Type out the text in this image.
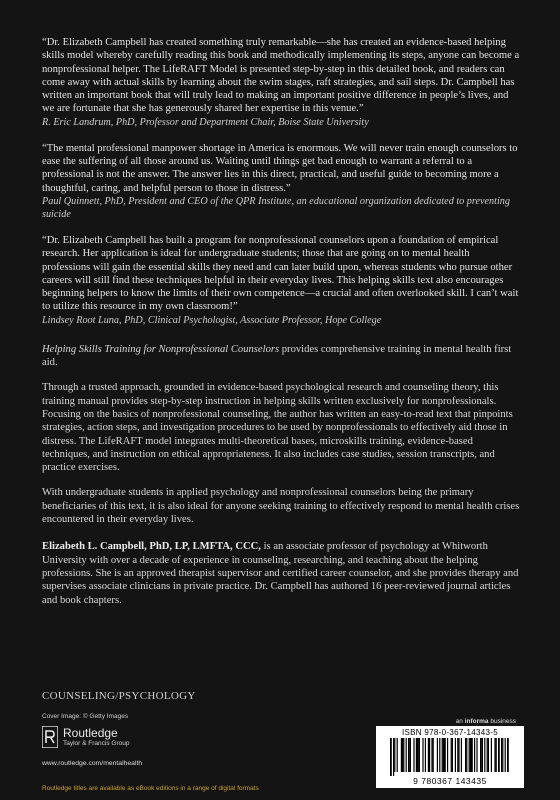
“Dr. Elizabeth Campbell has created something truly remarkable—she has created an evidence-based helping skills model whereby carefully reading this book and methodically implementing its steps, anyone can become a nonprofessional helper. The LifeRAFT Model is presented step-by-step in this detailed book, and readers can come away with actual skills by learning about the swim stages, raft strategies, and sail steps. Dr. Campbell has written an important book that will truly lead to making an important positive difference in people’s lives, and we are fortunate that she has generously shared her expertise in this venue.”

R. Eric Landrum, PhD, Professor and Department Chair, Boise State University

“The mental professional manpower shortage in America is enormous. We will never train enough counselors to ease the suffering of all those around us. Waiting until things get bad enough to warrant a referral to a professional is not the answer. The answer lies in this direct, practical, and useful guide to becoming more a thoughtful, caring, and helpful person to those in distress.”

Paul Quinnett, PhD, President and CEO of the QPR Institute, an educational organization dedicated to preventing suicide

“Dr. Elizabeth Campbell has built a program for nonprofessional counselors upon a foundation of empirical research. Her application is ideal for undergraduate students; those that are going on to mental health professions will gain the essential skills they need and can later build upon, whereas students who pursue other careers will still find these techniques helpful in their everyday lives. This helping skills text also encourages beginning helpers to know the limits of their own competence—a crucial and often overlooked skill. I can’t wait to utilize this resource in my own classroom!”

Lindsey Root Luna, PhD, Clinical Psychologist, Associate Professor, Hope College

Helping Skills Training for Nonprofessional Counselors provides comprehensive training in mental health first aid.

Through a trusted approach, grounded in evidence-based psychological research and counseling theory, this training manual provides step-by-step instruction in helping skills written exclusively for nonprofessionals. Focusing on the basics of nonprofessional counseling, the author has written an easy-to-read text that pinpoints strategies, action steps, and investigation procedures to be used by nonprofessionals to effectively aid those in distress. The LifeRAFT model integrates multi-theoretical bases, microskills training, evidence-based techniques, and instruction on ethical appropriateness. It also includes case studies, session transcripts, and practice exercises.

With undergraduate students in applied psychology and nonprofessional counselors being the primary beneficiaries of this text, it is also ideal for anyone seeking training to effectively respond to mental health crises encountered in their everyday lives.

Elizabeth L. Campbell, PhD, LP, LMFTA, CCC, is an associate professor of psychology at Whitworth University with over a decade of experience in counseling, researching, and teaching about the helping professions. She is an approved therapist supervisor and certified career counselor, and she provides therapy and supervises associate clinicians in private practice. Dr. Campbell has authored 16 peer-reviewed journal articles and book chapters.

COUNSELING/PSYCHOLOGY
Cover Image: © Getty Images
Routledge
Taylor & Francis Group
www.routledge.com/mentalhealth
Routledge titles are available as eBook editions in a range of digital formats
an informa business
ISBN 978-0-367-14343-5
9 780367 143435
